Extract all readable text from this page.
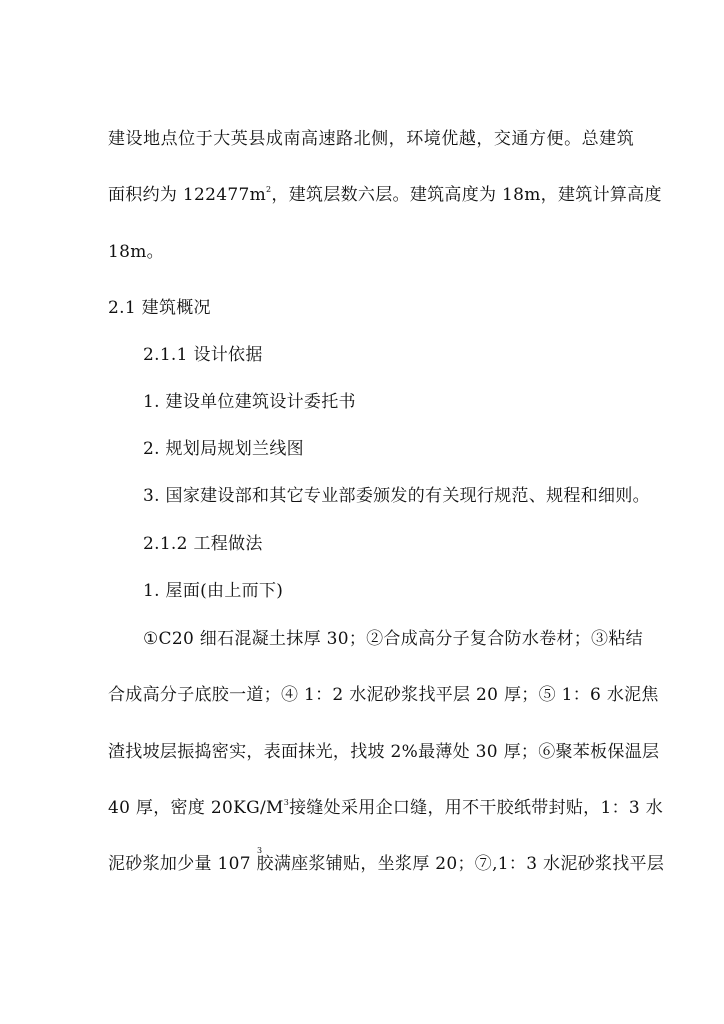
建设地点位于大英县成南高速路北侧，环境优越，交通方便。总建筑
面积约为 $122477m^2$，建筑层数六层。建筑高度为 18m，建筑计算高度
18m。
2.1 建筑概况
2.1.1 设计依据
1. 建设单位建筑设计委托书
2. 规划局规划兰线图
3. 国家建设部和其它专业部委颁发的有关现行规范、规程和细则。
2.1.2 工程做法
1. 屋面(由上而下)
①C20 细石混凝土抹厚 30；②合成高分子复合防水卷材；③粘结
合成高分子底胶一道；④ 1：2 水泥砂浆找平层 20 厚；⑤ 1：6 水泥焦
渣找坡层振捣密实，表面抹光，找坡 2%最薄处 30 厚；⑥聚苯板保温层
40 厚，密度 $20KG/M^3$接缝处采用企口缝，用不干胶纸带封贴，1：3 水
3
泥砂浆加少量 107 胶满座浆铺贴，坐浆厚 20；⑦,1：3 水泥砂浆找平层
